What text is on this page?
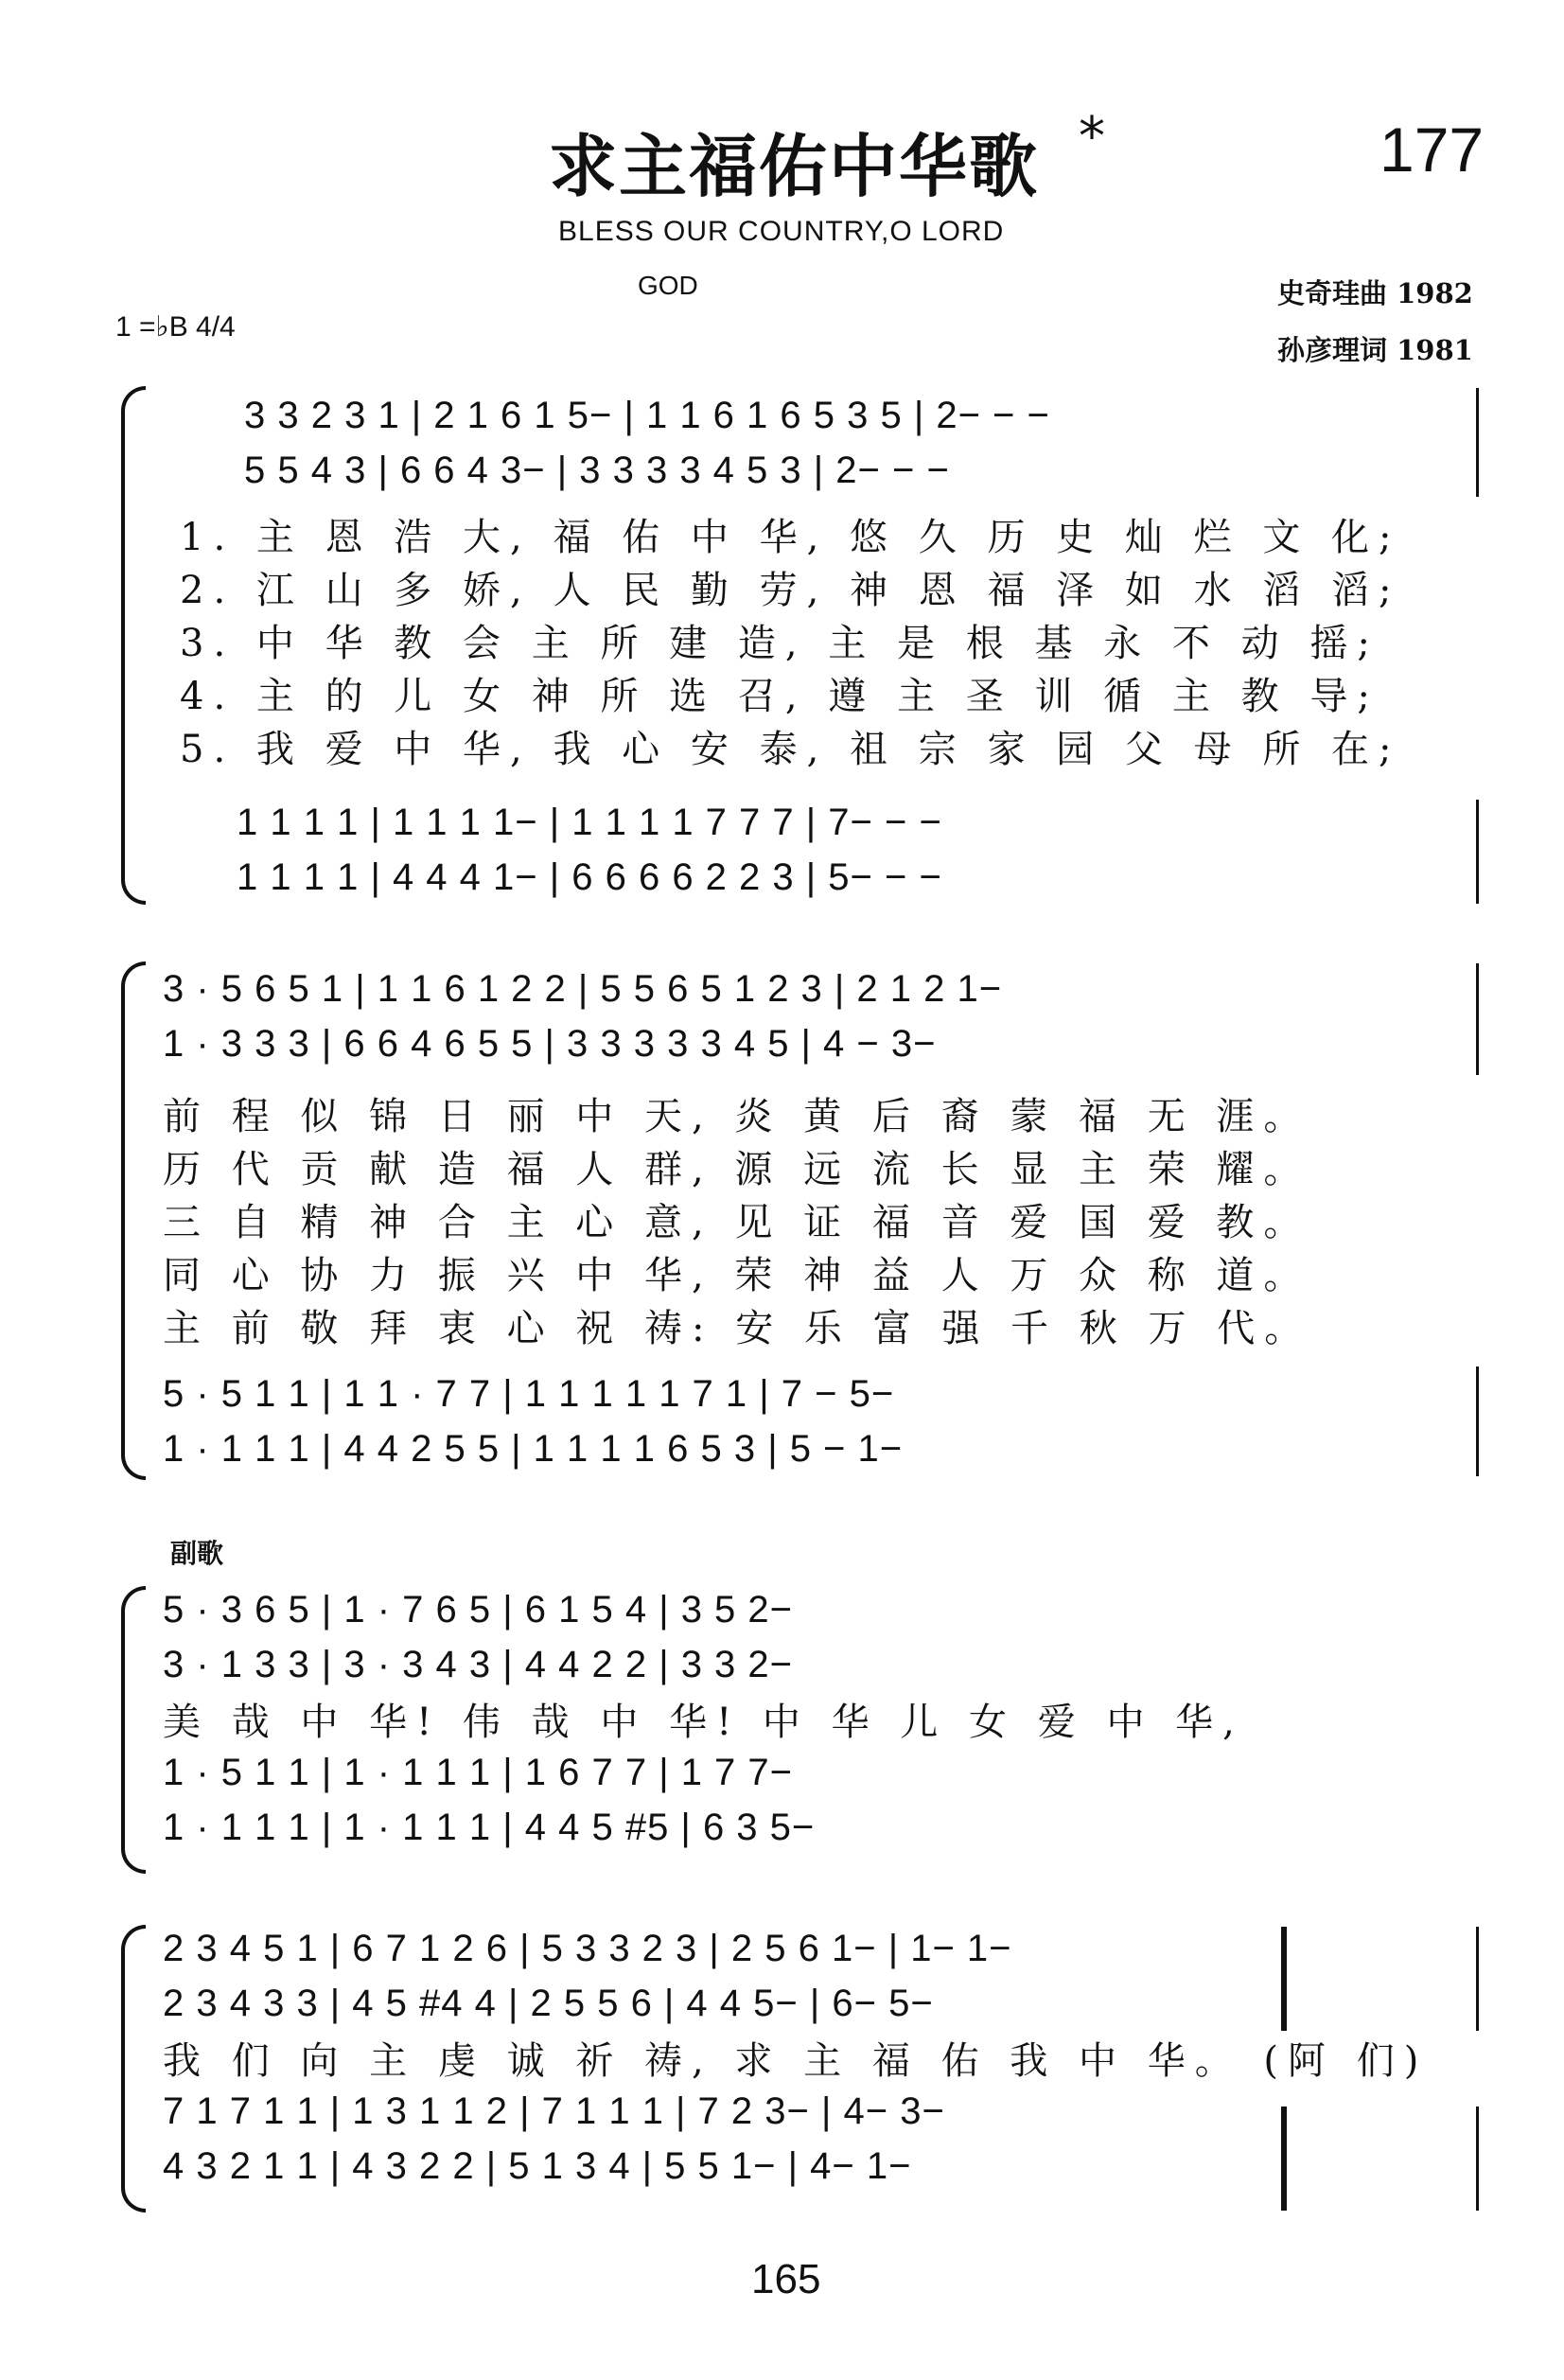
求主福佑中华歌 *	177
BLESS OUR COUNTRY,O LORD
GOD
1 =♭B 4/4
史奇珪曲 1982
孙彦理词 1981
3 3 2 3 1 | 2 1 6 1 5− | 1 1 6 1 6 5 3 5 | 2− − −
5 5 4 3 | 6 6 4 3− | 3 3 3 3 4 5 3 | 2− − −
1. 主 恩 浩 大, 福 佑 中 华, 悠 久 历 史 灿 烂 文 化;
2. 江 山 多 娇, 人 民 勤 劳, 神 恩 福 泽 如 水 滔 滔;
3. 中 华 教 会 主 所 建 造, 主 是 根 基 永 不 动 摇;
4. 主 的 儿 女 神 所 选 召, 遵 主 圣 训 循 主 教 导;
5. 我 爱 中 华, 我 心 安 泰, 祖 宗 家 园 父 母 所 在;
1 1 1 1 | 1 1 1 1− | 1 1 1 1 7 7 7 | 7− − −
1 1 1 1 | 4 4 4 1− | 6 6 6 6 2 2 3 | 5− − −
3 · 5 6 5 1 | 1 1 6 1 2 2 | 5 5 6 5 1 2 3 | 2 1 2 1−
1 · 3 3 3 | 6 6 4 6 5 5 | 3 3 3 3 3 4 5 | 4 − 3−
前 程 似 锦 日 丽 中 天, 炎 黄 后 裔 蒙 福 无 涯。
历 代 贡 献 造 福 人 群, 源 远 流 长 显 主 荣 耀。
三 自 精 神 合 主 心 意, 见 证 福 音 爱 国 爱 教。
同 心 协 力 振 兴 中 华, 荣 神 益 人 万 众 称 道。
主 前 敬 拜 衷 心 祝 祷: 安 乐 富 强 千 秋 万 代。
5 · 5 1 1 | 1 1 · 7 7 | 1 1 1 1 1 7 1 | 7 − 5−
1 · 1 1 1 | 4 4 2 5 5 | 1 1 1 1 6 5 3 | 5 − 1−
副歌
5 · 3 6 5 | 1 · 7 6 5 | 6 1 5 4 | 3 5 2−
3 · 1 3 3 | 3 · 3 4 3 | 4 4 2 2 | 3 3 2−
美 哉 中 华! 伟 哉 中 华! 中 华 儿 女 爱 中 华,
1 · 5 1 1 | 1 · 1 1 1 | 1 6 7 7 | 1 7 7−
1 · 1 1 1 | 1 · 1 1 1 | 4 4 5 #5 | 6 3 5−
2 3 4 5 1 | 6 7 1 2 6 | 5 3 3 2 3 | 2 5 6 1− | 1− 1−
2 3 4 3 3 | 4 5 #4 4 | 2 5 5 6 | 4 4 5− | 6− 5−
我 们 向 主 虔 诚 祈 祷, 求 主 福 佑 我 中 华。 (阿 们)
7 1 7 1 1 | 1 3 1 1 2 | 7 1 1 1 | 7 2 3− | 4− 3−
4 3 2 1 1 | 4 3 2 2 | 5 1 3 4 | 5 5 1− | 4− 1−
165
